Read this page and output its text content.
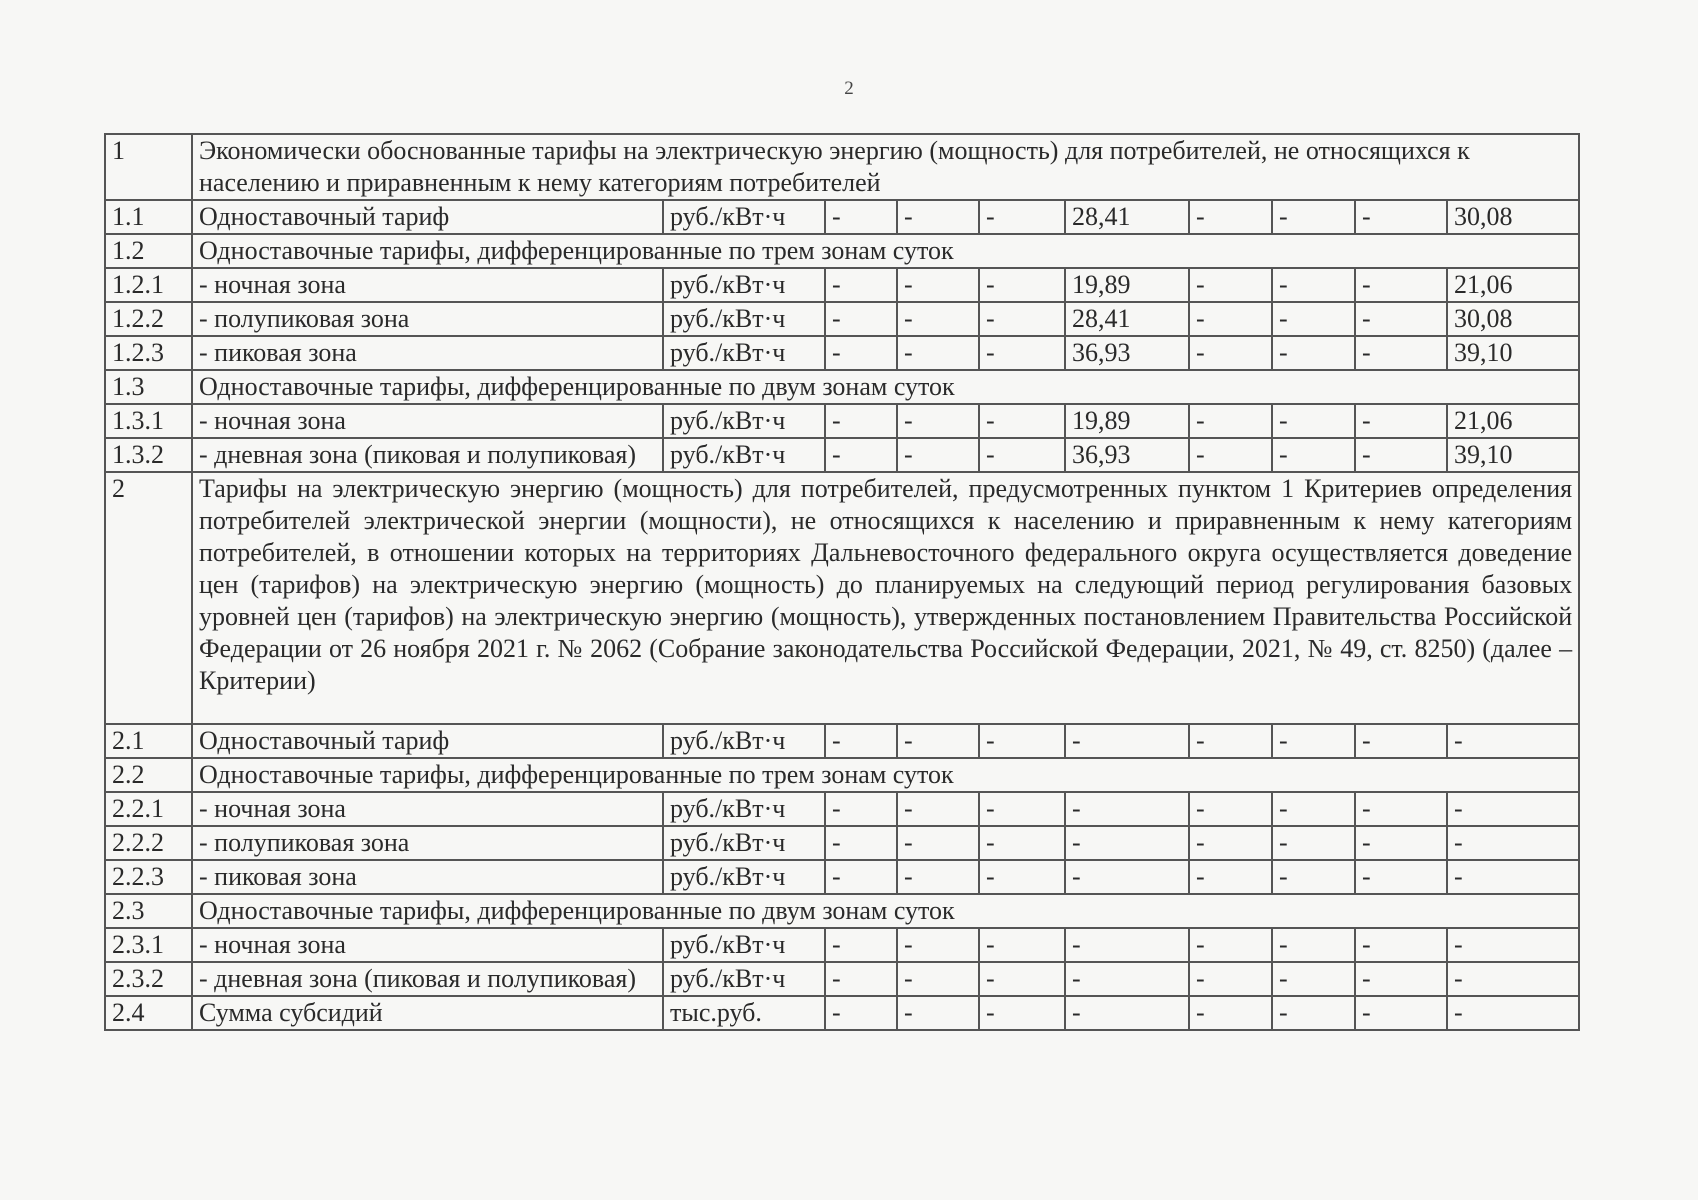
2
1	Экономически обоснованные тарифы на электрическую энергию (мощность) для потребителей, не относящихся к населению и приравненным к нему категориям потребителей									
1.1	Одноставочный тариф	руб./кВт·ч	-	-	-	28,41	-	-	-	30,08
1.2	Одноставочные тарифы, дифференцированные по трем зонам суток									
1.2.1	- ночная зона	руб./кВт·ч	-	-	-	19,89	-	-	-	21,06
1.2.2	- полупиковая зона	руб./кВт·ч	-	-	-	28,41	-	-	-	30,08
1.2.3	- пиковая зона	руб./кВт·ч	-	-	-	36,93	-	-	-	39,10
1.3	Одноставочные тарифы, дифференцированные по двум зонам суток									
1.3.1	- ночная зона	руб./кВт·ч	-	-	-	19,89	-	-	-	21,06
1.3.2	- дневная зона (пиковая и полупиковая)	руб./кВт·ч	-	-	-	36,93	-	-	-	39,10
2	Тарифы на электрическую энергию (мощность) для потребителей, предусмотренных пунктом 1 Критериев определения потребителей электрической энергии (мощности), не относящихся к населению и приравненным к нему категориям потребителей, в отношении которых на территориях Дальневосточного федерального округа осуществляется доведение цен (тарифов) на электрическую энергию (мощность) до планируемых на следующий период регулирования базовых уровней цен (тарифов) на электрическую энергию (мощность), утвержденных постановлением Правительства Российской Федерации от 26 ноября 2021 г. № 2062 (Собрание законодательства Российской Федерации, 2021, № 49, ст. 8250) (далее – Критерии)									
2.1	Одноставочный тариф	руб./кВт·ч	-	-	-	-	-	-	-	-
2.2	Одноставочные тарифы, дифференцированные по трем зонам суток									
2.2.1	- ночная зона	руб./кВт·ч	-	-	-	-	-	-	-	-
2.2.2	- полупиковая зона	руб./кВт·ч	-	-	-	-	-	-	-	-
2.2.3	- пиковая зона	руб./кВт·ч	-	-	-	-	-	-	-	-
2.3	Одноставочные тарифы, дифференцированные по двум зонам суток									
2.3.1	- ночная зона	руб./кВт·ч	-	-	-	-	-	-	-	-
2.3.2	- дневная зона (пиковая и полупиковая)	руб./кВт·ч	-	-	-	-	-	-	-	-
2.4	Сумма субсидий	тыс.руб.	-	-	-	-	-	-	-	-
